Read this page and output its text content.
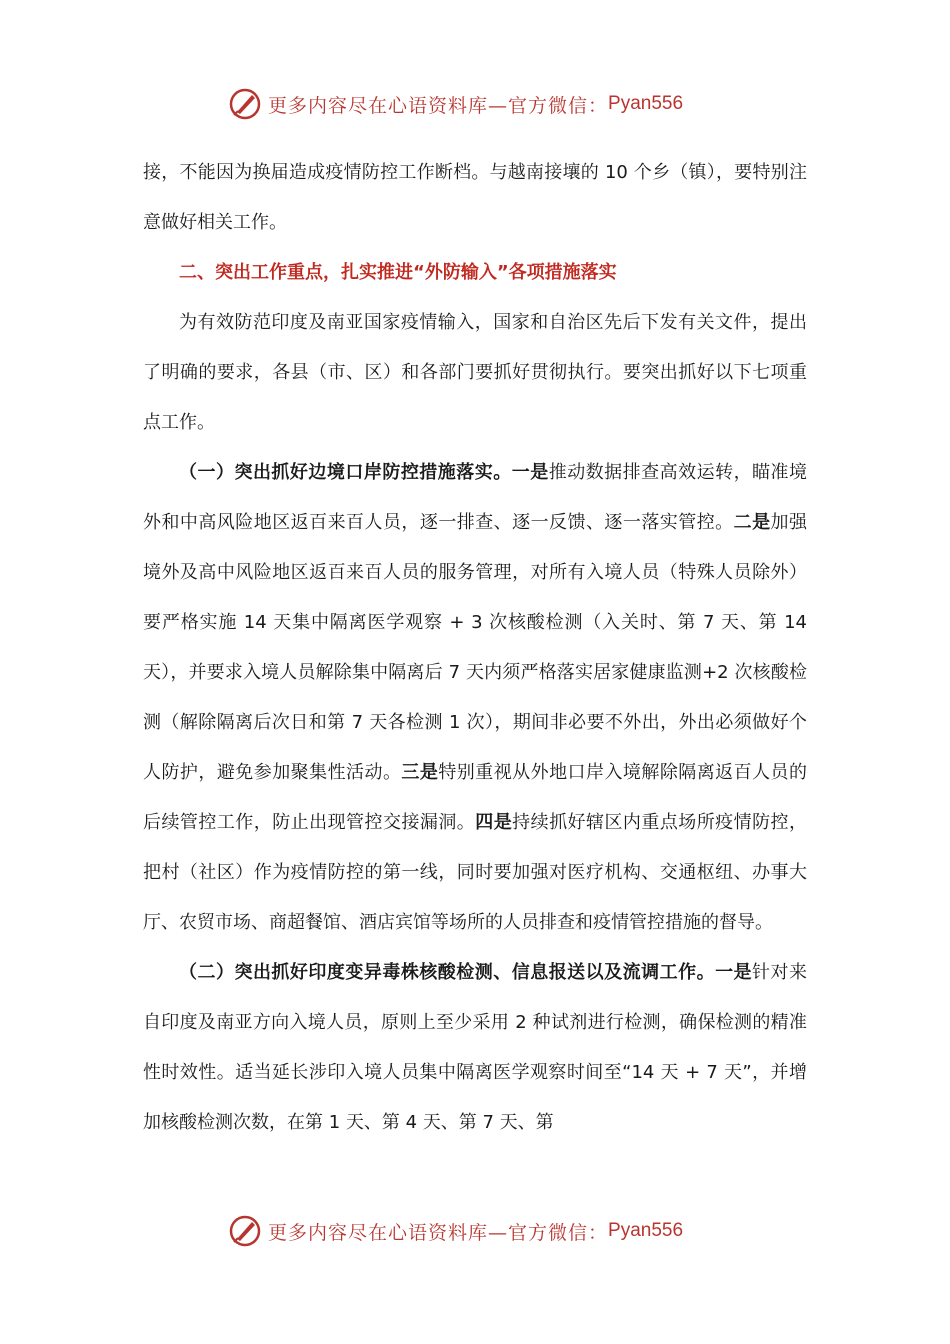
更多内容尽在心语资料库—官方微信： Pyan556

接，不能因为换届造成疫情防控工作断档。与越南接壤的 10 个乡（镇），要特别注意做好相关工作。

二、突出工作重点，扎实推进“外防输入”各项措施落实

为有效防范印度及南亚国家疫情输入，国家和自治区先后下发有关文件，提出了明确的要求，各县（市、区）和各部门要抓好贯彻执行。要突出抓好以下七项重点工作。

（一）突出抓好边境口岸防控措施落实。一是推动数据排查高效运转，瞄准境外和中高风险地区返百来百人员，逐一排查、逐一反馈、逐一落实管控。二是加强境外及高中风险地区返百来百人员的服务管理，对所有入境人员（特殊人员除外）要严格实施 14 天集中隔离医学观察 + 3 次核酸检测（入关时、第 7 天、第 14 天），并要求入境人员解除集中隔离后 7 天内须严格落实居家健康监测+2 次核酸检测（解除隔离后次日和第 7 天各检测 1 次），期间非必要不外出，外出必须做好个人防护，避免参加聚集性活动。三是特别重视从外地口岸入境解除隔离返百人员的后续管控工作，防止出现管控交接漏洞。四是持续抓好辖区内重点场所疫情防控，把村（社区）作为疫情防控的第一线，同时要加强对医疗机构、交通枢纽、办事大厅、农贸市场、商超餐馆、酒店宾馆等场所的人员排查和疫情管控措施的督导。

（二）突出抓好印度变异毒株核酸检测、信息报送以及流调工作。一是针对来自印度及南亚方向入境人员，原则上至少采用 2 种试剂进行检测，确保检测的精准性时效性。适当延长涉印入境人员集中隔离医学观察时间至“14 天 + 7 天”，并增加核酸检测次数，在第 1 天、第 4 天、第 7 天、第

更多内容尽在心语资料库—官方微信： Pyan556
